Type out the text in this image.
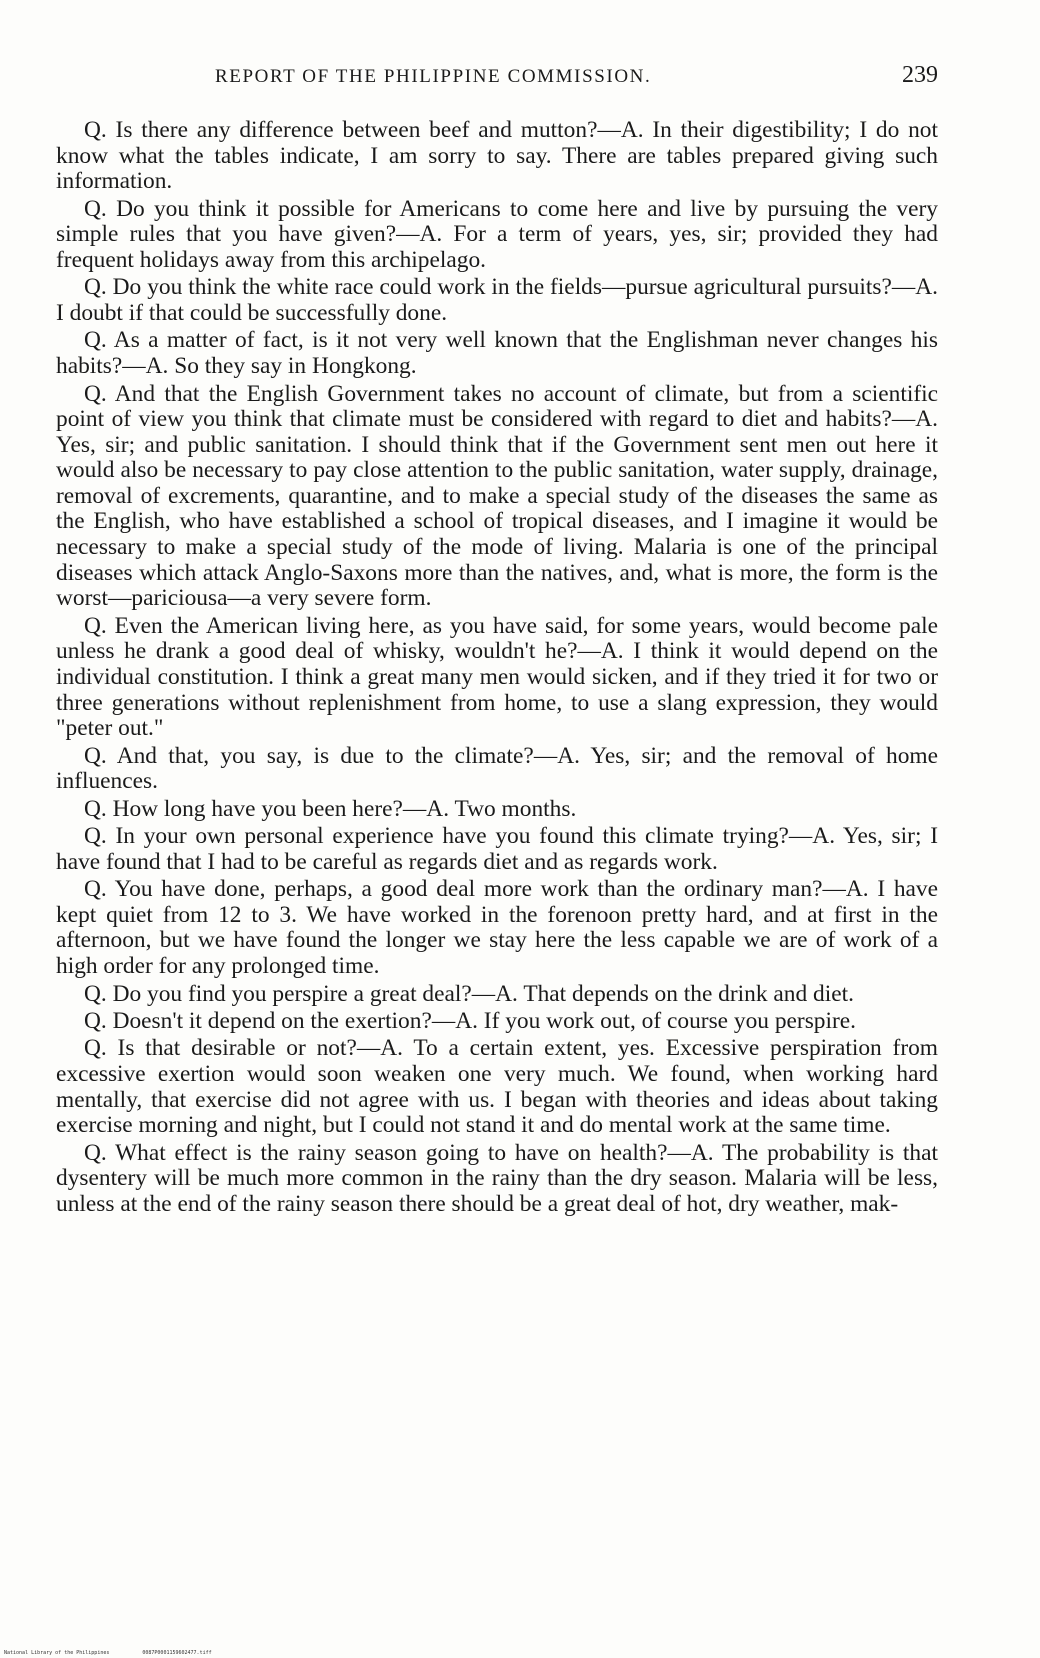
REPORT OF THE PHILIPPINE COMMISSION.	239

Q. Is there any difference between beef and mutton?—A. In their digestibility; I do not know what the tables indicate, I am sorry to say. There are tables prepared giving such information.

Q. Do you think it possible for Americans to come here and live by pursuing the very simple rules that you have given?—A. For a term of years, yes, sir; provided they had frequent holidays away from this archipelago.

Q. Do you think the white race could work in the fields—pursue agricultural pursuits?—A. I doubt if that could be successfully done.

Q. As a matter of fact, is it not very well known that the Englishman never changes his habits?—A. So they say in Hongkong.

Q. And that the English Government takes no account of climate, but from a scientific point of view you think that climate must be considered with regard to diet and habits?—A. Yes, sir; and public sanitation. I should think that if the Government sent men out here it would also be necessary to pay close attention to the public sanitation, water supply, drainage, removal of excrements, quarantine, and to make a special study of the diseases the same as the English, who have established a school of tropical diseases, and I imagine it would be necessary to make a special study of the mode of living. Malaria is one of the principal diseases which attack Anglo-Saxons more than the natives, and, what is more, the form is the worst—pariciousa—a very severe form.

Q. Even the American living here, as you have said, for some years, would become pale unless he drank a good deal of whisky, wouldn't he?—A. I think it would depend on the individual constitution. I think a great many men would sicken, and if they tried it for two or three generations without replenishment from home, to use a slang expression, they would "peter out."

Q. And that, you say, is due to the climate?—A. Yes, sir; and the removal of home influences.

Q. How long have you been here?—A. Two months.

Q. In your own personal experience have you found this climate trying?—A. Yes, sir; I have found that I had to be careful as regards diet and as regards work.

Q. You have done, perhaps, a good deal more work than the ordinary man?—A. I have kept quiet from 12 to 3. We have worked in the forenoon pretty hard, and at first in the afternoon, but we have found the longer we stay here the less capable we are of work of a high order for any prolonged time.

Q. Do you find you perspire a great deal?—A. That depends on the drink and diet.

Q. Doesn't it depend on the exertion?—A. If you work out, of course you perspire.

Q. Is that desirable or not?—A. To a certain extent, yes. Excessive perspiration from excessive exertion would soon weaken one very much. We found, when working hard mentally, that exercise did not agree with us. I began with theories and ideas about taking exercise morning and night, but I could not stand it and do mental work at the same time.

Q. What effect is the rainy season going to have on health?—A. The probability is that dysentery will be much more common in the rainy than the dry season. Malaria will be less, unless at the end of the rainy season there should be a great deal of hot, dry weather, mak-

National Library of the Philippines	0087P0001159602477.tiff
